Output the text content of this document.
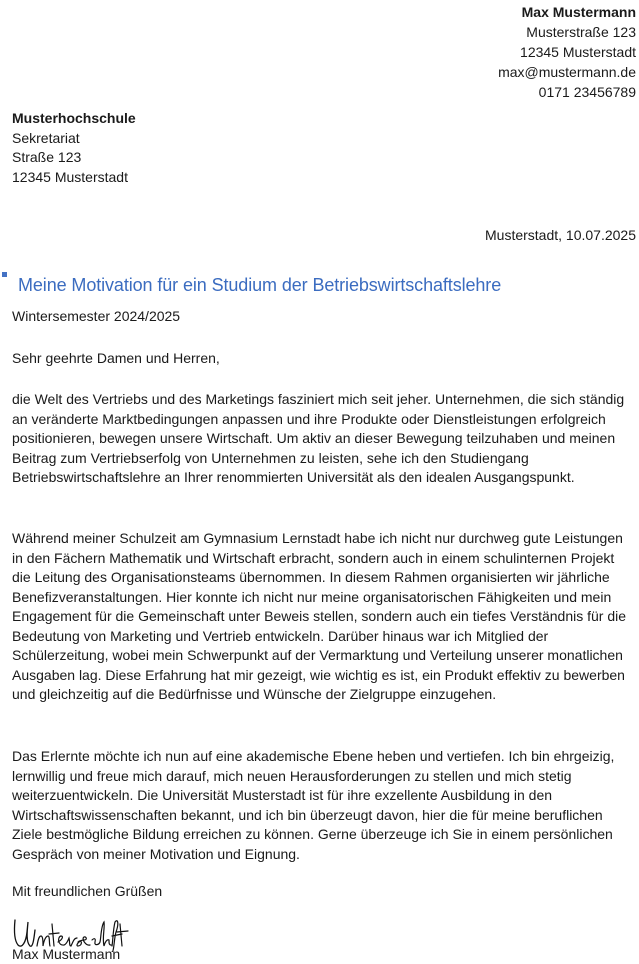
Max Mustermann
Musterstraße 123
12345 Musterstadt
max@mustermann.de
0171 23456789
Musterhochschule
Sekretariat
Straße 123
12345 Musterstadt
Musterstadt, 10.07.2025
Meine Motivation für ein Studium der Betriebswirtschaftslehre
Wintersemester 2024/2025
Sehr geehrte Damen und Herren,
die Welt des Vertriebs und des Marketings fasziniert mich seit jeher. Unternehmen, die sich ständig an veränderte Marktbedingungen anpassen und ihre Produkte oder Dienstleistungen erfolgreich positionieren, bewegen unsere Wirtschaft. Um aktiv an dieser Bewegung teilzuhaben und meinen Beitrag zum Vertriebserfolg von Unternehmen zu leisten, sehe ich den Studiengang Betriebswirtschaftslehre an Ihrer renommierten Universität als den idealen Ausgangspunkt.
Während meiner Schulzeit am Gymnasium Lernstadt habe ich nicht nur durchweg gute Leistungen in den Fächern Mathematik und Wirtschaft erbracht, sondern auch in einem schulinternen Projekt die Leitung des Organisationsteams übernommen. In diesem Rahmen organisierten wir jährliche Benefizveranstaltungen. Hier konnte ich nicht nur meine organisatorischen Fähigkeiten und mein Engagement für die Gemeinschaft unter Beweis stellen, sondern auch ein tiefes Verständnis für die Bedeutung von Marketing und Vertrieb entwickeln. Darüber hinaus war ich Mitglied der Schülerzeitung, wobei mein Schwerpunkt auf der Vermarktung und Verteilung unserer monatlichen Ausgaben lag. Diese Erfahrung hat mir gezeigt, wie wichtig es ist, ein Produkt effektiv zu bewerben und gleichzeitig auf die Bedürfnisse und Wünsche der Zielgruppe einzugehen.
Das Erlernte möchte ich nun auf eine akademische Ebene heben und vertiefen. Ich bin ehrgeizig, lernwillig und freue mich darauf, mich neuen Herausforderungen zu stellen und mich stetig weiterzuentwickeln. Die Universität Musterstadt ist für ihre exzellente Ausbildung in den Wirtschaftswissenschaften bekannt, und ich bin überzeugt davon, hier die für meine beruflichen Ziele bestmögliche Bildung erreichen zu können. Gerne überzeuge ich Sie in einem persönlichen Gespräch von meiner Motivation und Eignung.
Mit freundlichen Grüßen
Max Mustermann
